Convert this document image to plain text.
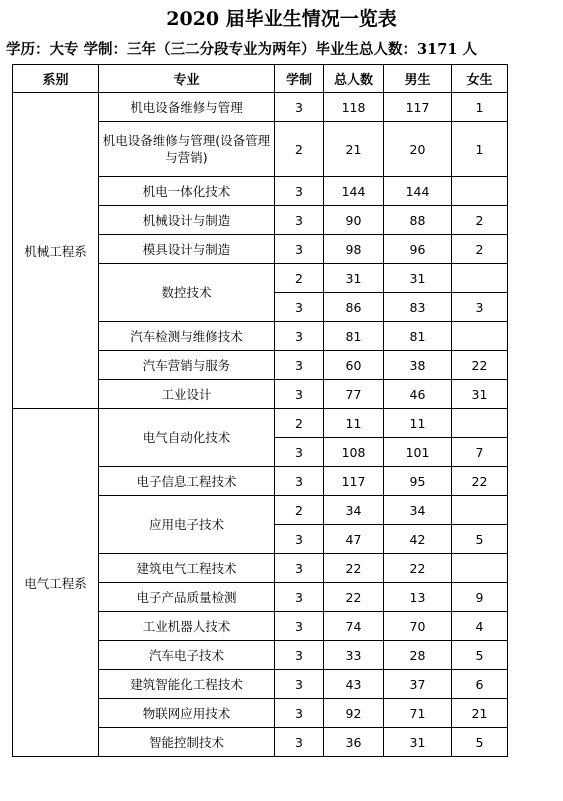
2020 届毕业生情况一览表
学历：大专 学制：三年（三二分段专业为两年）毕业生总人数：3171 人
系别	专业	学制	总人数	男生	女生
机械工程系	机电设备维修与管理	3	118	117	1
	机电设备维修与管理(设备管理与营销)	2	21	20	1
	机电一体化技术	3	144	144	
	机械设计与制造	3	90	88	2
	模具设计与制造	3	98	96	2
	数控技术	2	31	31	
		3	86	83	3
	汽车检测与维修技术	3	81	81	
	汽车营销与服务	3	60	38	22
	工业设计	3	77	46	31
电气工程系	电气自动化技术	2	11	11	
		3	108	101	7
	电子信息工程技术	3	117	95	22
	应用电子技术	2	34	34	
		3	47	42	5
	建筑电气工程技术	3	22	22	
	电子产品质量检测	3	22	13	9
	工业机器人技术	3	74	70	4
	汽车电子技术	3	33	28	5
	建筑智能化工程技术	3	43	37	6
	物联网应用技术	3	92	71	21
	智能控制技术	3	36	31	5
